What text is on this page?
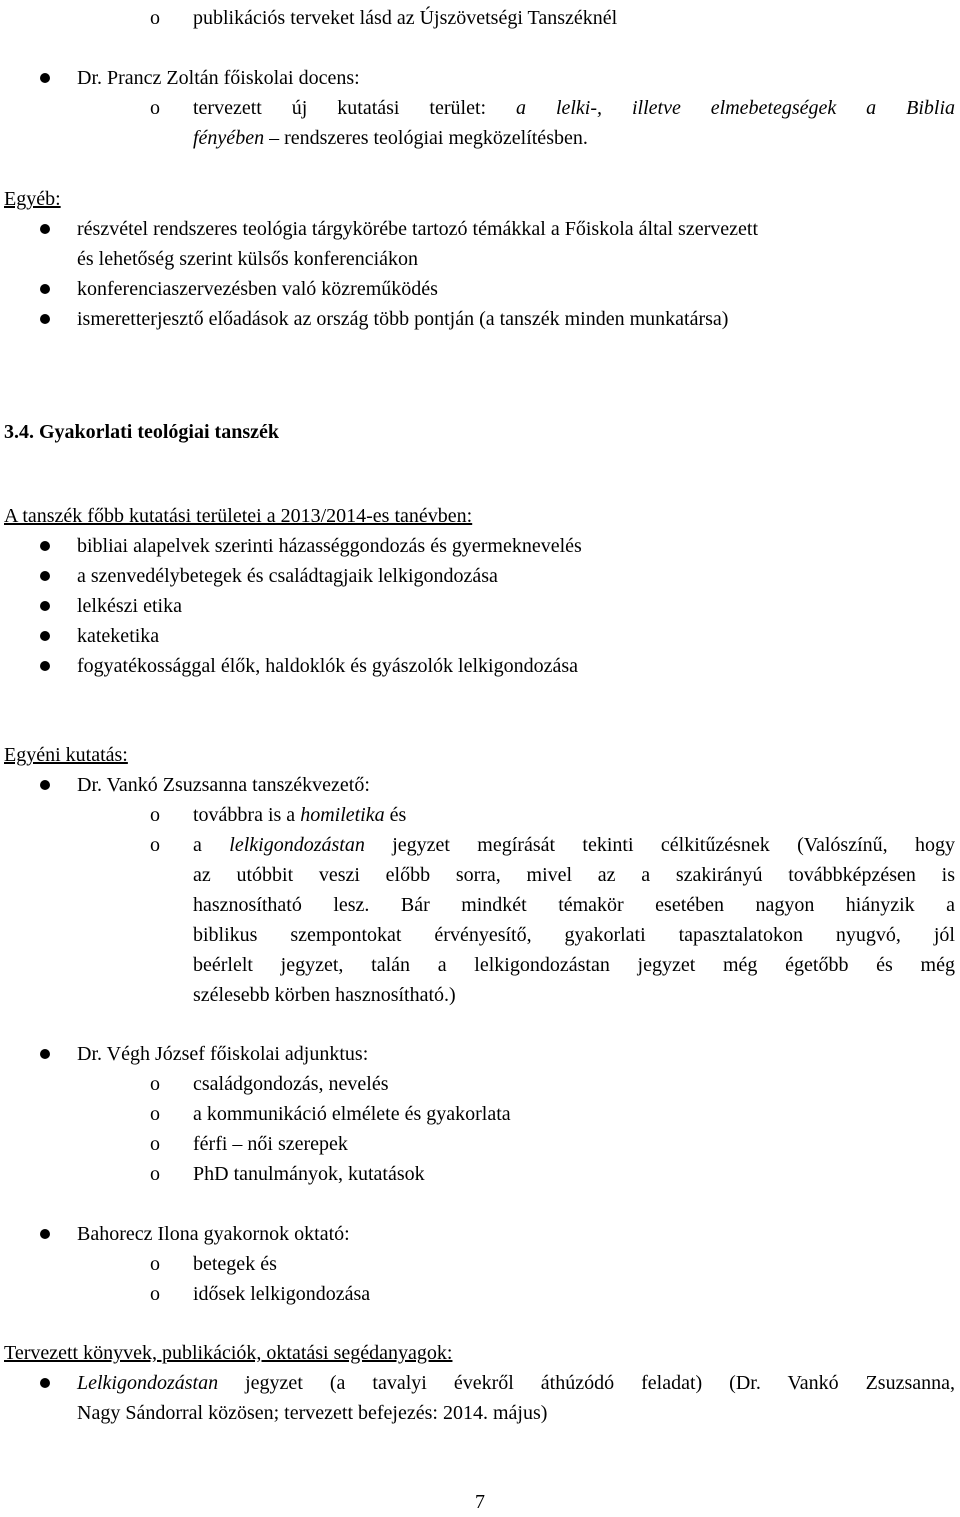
o publikációs terveket lásd az Újszövetségi Tanszéknél
Dr. Prancz Zoltán főiskolai docens:
o tervezett új kutatási terület: a lelki-, illetve elmebetegségek a Biblia
fényében – rendszeres teológiai megközelítésben.
Egyéb:
részvétel rendszeres teológia tárgykörébe tartozó témákkal a Főiskola által szervezett
és lehetőség szerint külsős konferenciákon
konferenciaszervezésben való közreműködés
ismeretterjesztő előadások az ország több pontján (a tanszék minden munkatársa)
3.4. Gyakorlati teológiai tanszék
A tanszék főbb kutatási területei a 2013/2014-es tanévben:
bibliai alapelvek szerinti házasséggondozás és gyermeknevelés
a szenvedélybetegek és családtagjaik lelkigondozása
lelkészi etika
kateketika
fogyatékossággal élők, haldoklók és gyászolók lelkigondozása
Egyéni kutatás:
Dr. Vankó Zsuzsanna tanszékvezető:
o továbbra is a homiletika és
o a lelkigondozástan jegyzet megírását tekinti célkitűzésnek (Valószínű, hogy
az utóbbit veszi előbb sorra, mivel az a szakirányú továbbképzésen is
hasznosítható lesz. Bár mindkét témakör esetében nagyon hiányzik a
biblikus szempontokat érvényesítő, gyakorlati tapasztalatokon nyugvó, jól
beérlelt jegyzet, talán a lelkigondozástan jegyzet még égetőbb és még
szélesebb körben hasznosítható.)
Dr. Végh József főiskolai adjunktus:
o családgondozás, nevelés
o a kommunikáció elmélete és gyakorlata
o férfi – női szerepek
o PhD tanulmányok, kutatások
Bahorecz Ilona gyakornok oktató:
o betegek és
o idősek lelkigondozása
Tervezett könyvek, publikációk, oktatási segédanyagok:
Lelkigondozástan jegyzet (a tavalyi évekről áthúzódó feladat) (Dr. Vankó Zsuzsanna,
Nagy Sándorral közösen; tervezett befejezés: 2014. május)
7
